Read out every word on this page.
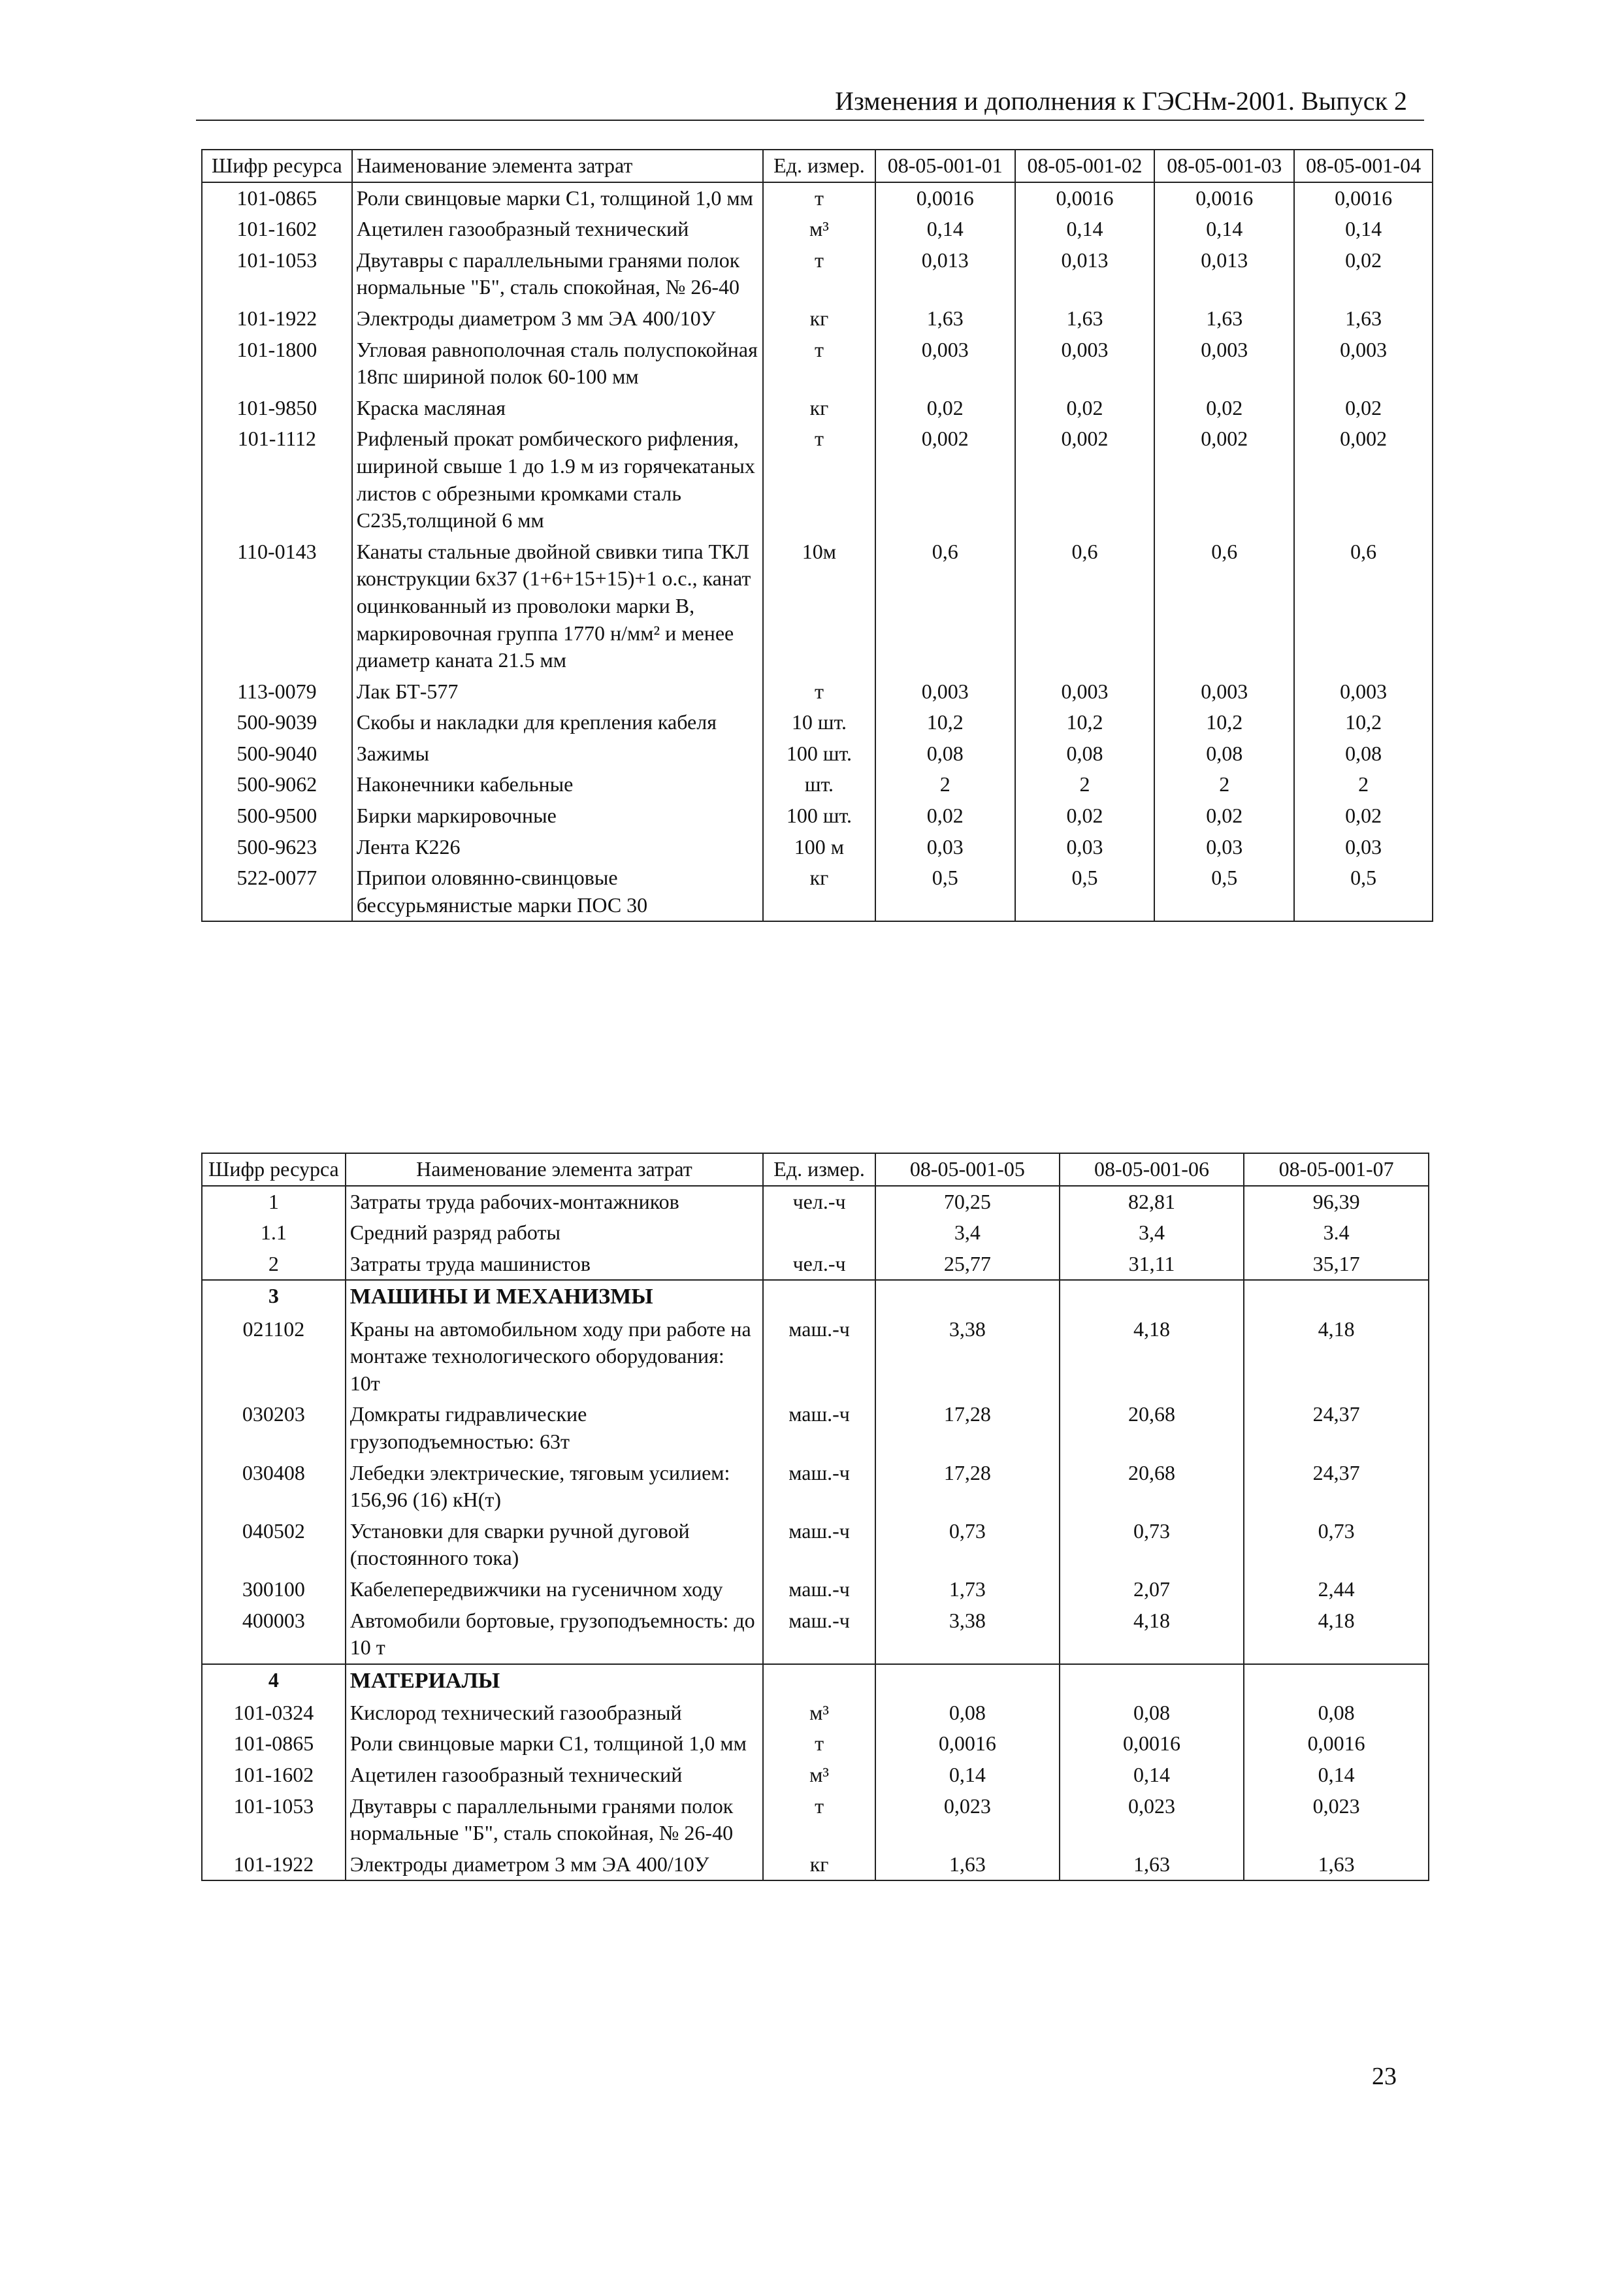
Изменения и дополнения к ГЭСНм-2001. Выпуск 2
Шифр ресурса	Наименование элемента затрат	Ед. измер.	08-05-001-01	08-05-001-02	08-05-001-03	08-05-001-04
101-0865	Роли свинцовые марки С1, толщиной 1,0 мм	т	0,0016	0,0016	0,0016	0,0016
101-1602	Ацетилен газообразный технический	м³	0,14	0,14	0,14	0,14
101-1053	Двутавры с параллельными гранями полок нормальные "Б", сталь спокойная, № 26-40	т	0,013	0,013	0,013	0,02
101-1922	Электроды диаметром 3 мм ЭА 400/10У	кг	1,63	1,63	1,63	1,63
101-1800	Угловая равнополочная сталь полуспокойная 18пс шириной полок 60-100 мм	т	0,003	0,003	0,003	0,003
101-9850	Краска масляная	кг	0,02	0,02	0,02	0,02
101-1112	Рифленый прокат ромбического рифления, шириной свыше 1 до 1.9 м из горячекатаных листов с обрезными кромками сталь С235,толщиной 6 мм	т	0,002	0,002	0,002	0,002
110-0143	Канаты стальные двойной свивки типа ТКЛ конструкции 6х37 (1+6+15+15)+1 о.с., канат оцинкованный из проволоки марки В, маркировочная группа 1770 н/мм² и менее диаметр каната 21.5 мм	10м	0,6	0,6	0,6	0,6
113-0079	Лак БТ-577	т	0,003	0,003	0,003	0,003
500-9039	Скобы и накладки для крепления кабеля	10 шт.	10,2	10,2	10,2	10,2
500-9040	Зажимы	100 шт.	0,08	0,08	0,08	0,08
500-9062	Наконечники кабельные	шт.	2	2	2	2
500-9500	Бирки маркировочные	100 шт.	0,02	0,02	0,02	0,02
500-9623	Лента К226	100 м	0,03	0,03	0,03	0,03
522-0077	Припои оловянно-свинцовые бессурьмянистые марки ПОС 30	кг	0,5	0,5	0,5	0,5
Шифр ресурса	Наименование элемента затрат	Ед. измер.	08-05-001-05	08-05-001-06	08-05-001-07
1	Затраты труда рабочих-монтажников	чел.-ч	70,25	82,81	96,39
1.1	Средний разряд работы		3,4	3,4	3.4
2	Затраты труда машинистов	чел.-ч	25,77	31,11	35,17
3	МАШИНЫ И МЕХАНИЗМЫ				
021102	Краны на автомобильном ходу при работе на монтаже технологического оборудования: 10т	маш.-ч	3,38	4,18	4,18
030203	Домкраты гидравлические грузоподъемностью: 63т	маш.-ч	17,28	20,68	24,37
030408	Лебедки электрические, тяговым усилием: 156,96 (16) кН(т)	маш.-ч	17,28	20,68	24,37
040502	Установки для сварки ручной дуговой (постоянного тока)	маш.-ч	0,73	0,73	0,73
300100	Кабелепередвижчики на гусеничном ходу	маш.-ч	1,73	2,07	2,44
400003	Автомобили бортовые, грузоподъемность: до 10 т	маш.-ч	3,38	4,18	4,18
4	МАТЕРИАЛЫ				
101-0324	Кислород технический газообразный	м³	0,08	0,08	0,08
101-0865	Роли свинцовые марки С1, толщиной 1,0 мм	т	0,0016	0,0016	0,0016
101-1602	Ацетилен газообразный технический	м³	0,14	0,14	0,14
101-1053	Двутавры с параллельными гранями полок нормальные "Б", сталь спокойная, № 26-40	т	0,023	0,023	0,023
101-1922	Электроды диаметром 3 мм ЭА 400/10У	кг	1,63	1,63	1,63
23
